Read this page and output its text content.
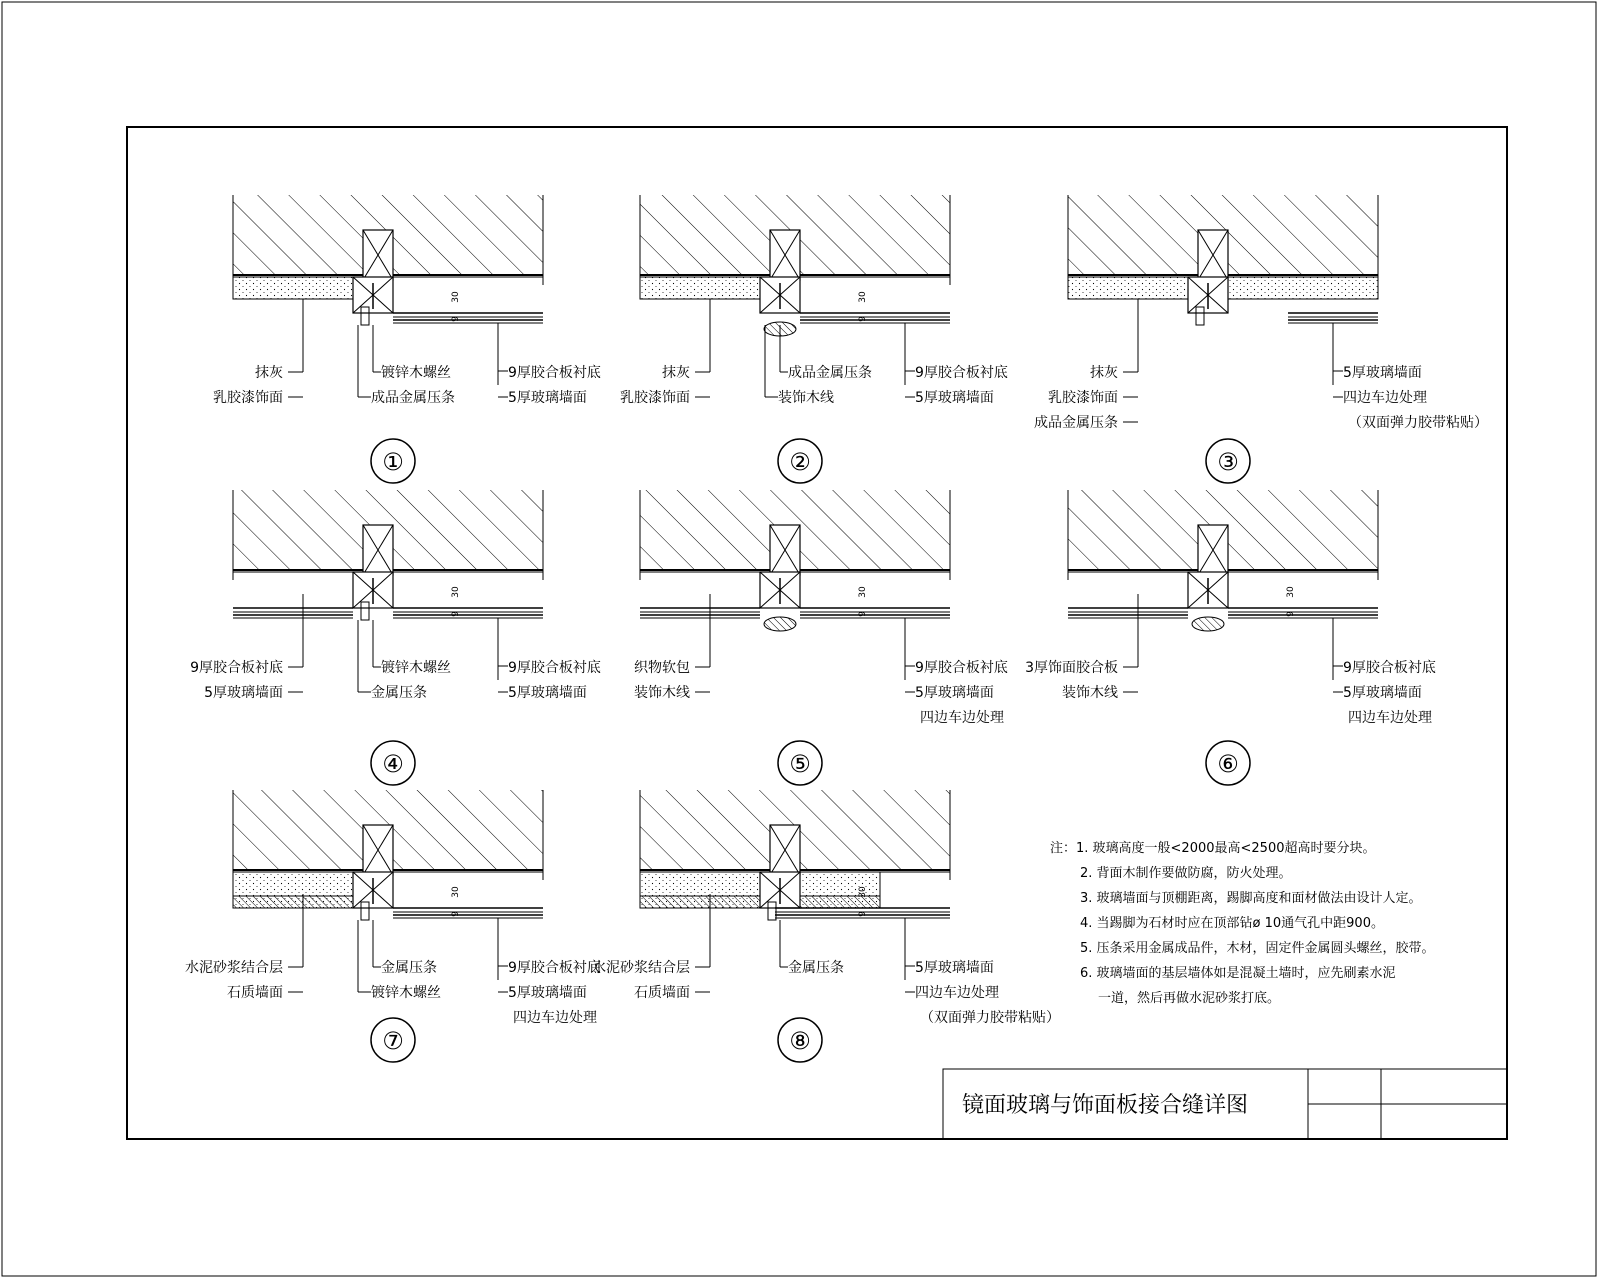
30
9
9厚胶合板衬底
5厚玻璃墙面
镀锌木螺丝
成品金属压条
抹灰
乳胶漆饰面
①
30
9
9厚胶合板衬底
5厚玻璃墙面
成品金属压条
装饰木线
抹灰
乳胶漆饰面
②
5厚玻璃墙面
四边车边处理
（双面弹力胶带粘贴）
抹灰
乳胶漆饰面
成品金属压条
③
30
9
9厚胶合板衬底
5厚玻璃墙面
镀锌木螺丝
金属压条
9厚胶合板衬底
5厚玻璃墙面
④
30
9
9厚胶合板衬底
5厚玻璃墙面
四边车边处理
织物软包
装饰木线
⑤
30
9
9厚胶合板衬底
5厚玻璃墙面
四边车边处理
3厚饰面胶合板
装饰木线
⑥
30
9
9厚胶合板衬底
5厚玻璃墙面
四边车边处理
金属压条
镀锌木螺丝
水泥砂浆结合层
石质墙面
⑦
30
9
5厚玻璃墙面
四边车边处理
（双面弹力胶带粘贴）
金属压条
水泥砂浆结合层
石质墙面
⑧
注：1. 玻璃高度一般<2000最高<2500超高时要分块。
2. 背面木制作要做防腐，防火处理。
3. 玻璃墙面与顶棚距离，踢脚高度和面材做法由设计人定。
4. 当踢脚为石材时应在顶部钻ø 10通气孔中距900。
5. 压条采用金属成品件，木材，固定件金属圆头螺丝，胶带。
6. 玻璃墙面的基层墙体如是混凝土墙时，应先刷素水泥
一道，然后再做水泥砂浆打底。
镜面玻璃与饰面板接合缝详图
